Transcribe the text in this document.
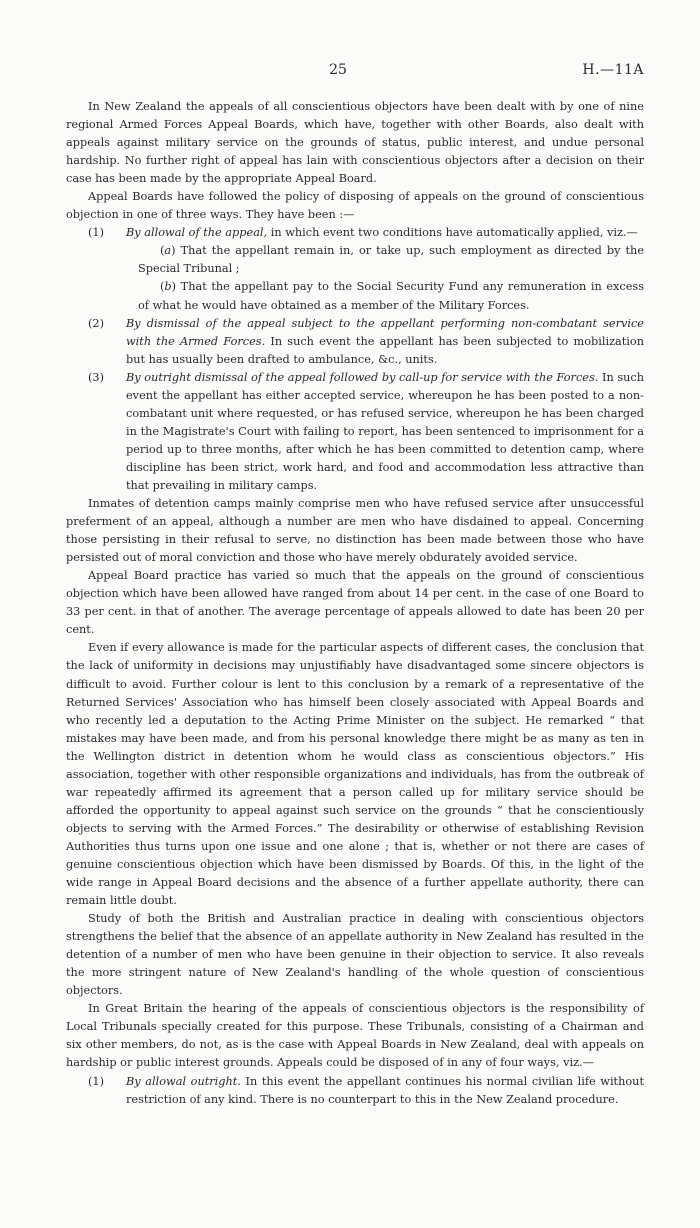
25	H.—11A

In New Zealand the appeals of all conscientious objectors have been dealt with by one of nine regional Armed Forces Appeal Boards, which have, together with other Boards, also dealt with appeals against military service on the grounds of status, public interest, and undue personal hardship. No further right of appeal has lain with conscientious objectors after a decision on their case has been made by the appropriate Appeal Board.

Appeal Boards have followed the policy of disposing of appeals on the ground of conscientious objection in one of three ways. They have been :—

(1) By allowal of the appeal, in which event two conditions have automatically applied, viz.—
(a) That the appellant remain in, or take up, such employment as directed by the Special Tribunal ;
(b) That the appellant pay to the Social Security Fund any remuneration in excess of what he would have obtained as a member of the Military Forces.
(2) By dismissal of the appeal subject to the appellant performing non-combatant service with the Armed Forces. In such event the appellant has been subjected to mobilization but has usually been drafted to ambulance, &c., units.
(3) By outright dismissal of the appeal followed by call-up for service with the Forces. In such event the appellant has either accepted service, whereupon he has been posted to a non-combatant unit where requested, or has refused service, whereupon he has been charged in the Magistrate's Court with failing to report, has been sentenced to imprisonment for a period up to three months, after which he has been committed to detention camp, where discipline has been strict, work hard, and food and accommodation less attractive than that prevailing in military camps.

Inmates of detention camps mainly comprise men who have refused service after unsuccessful preferment of an appeal, although a number are men who have disdained to appeal. Concerning those persisting in their refusal to serve, no distinction has been made between those who have persisted out of moral conviction and those who have merely obdurately avoided service.

Appeal Board practice has varied so much that the appeals on the ground of conscientious objection which have been allowed have ranged from about 14 per cent. in the case of one Board to 33 per cent. in that of another. The average percentage of appeals allowed to date has been 20 per cent.

Even if every allowance is made for the particular aspects of different cases, the conclusion that the lack of uniformity in decisions may unjustifiably have disadvantaged some sincere objectors is difficult to avoid. Further colour is lent to this conclusion by a remark of a representative of the Returned Services' Association who has himself been closely associated with Appeal Boards and who recently led a deputation to the Acting Prime Minister on the subject. He remarked “ that mistakes may have been made, and from his personal knowledge there might be as many as ten in the Wellington district in detention whom he would class as conscientious objectors.” His association, together with other responsible organizations and individuals, has from the outbreak of war repeatedly affirmed its agreement that a person called up for military service should be afforded the opportunity to appeal against such service on the grounds “ that he conscientiously objects to serving with the Armed Forces.” The desirability or otherwise of establishing Revision Authorities thus turns upon one issue and one alone ; that is, whether or not there are cases of genuine conscientious objection which have been dismissed by Boards. Of this, in the light of the wide range in Appeal Board decisions and the absence of a further appellate authority, there can remain little doubt.

Study of both the British and Australian practice in dealing with conscientious objectors strengthens the belief that the absence of an appellate authority in New Zealand has resulted in the detention of a number of men who have been genuine in their objection to service. It also reveals the more stringent nature of New Zealand's handling of the whole question of conscientious objectors.

In Great Britain the hearing of the appeals of conscientious objectors is the responsibility of Local Tribunals specially created for this purpose. These Tribunals, consisting of a Chairman and six other members, do not, as is the case with Appeal Boards in New Zealand, deal with appeals on hardship or public interest grounds. Appeals could be disposed of in any of four ways, viz.—

(1) By allowal outright. In this event the appellant continues his normal civilian life without restriction of any kind. There is no counterpart to this in the New Zealand procedure.
